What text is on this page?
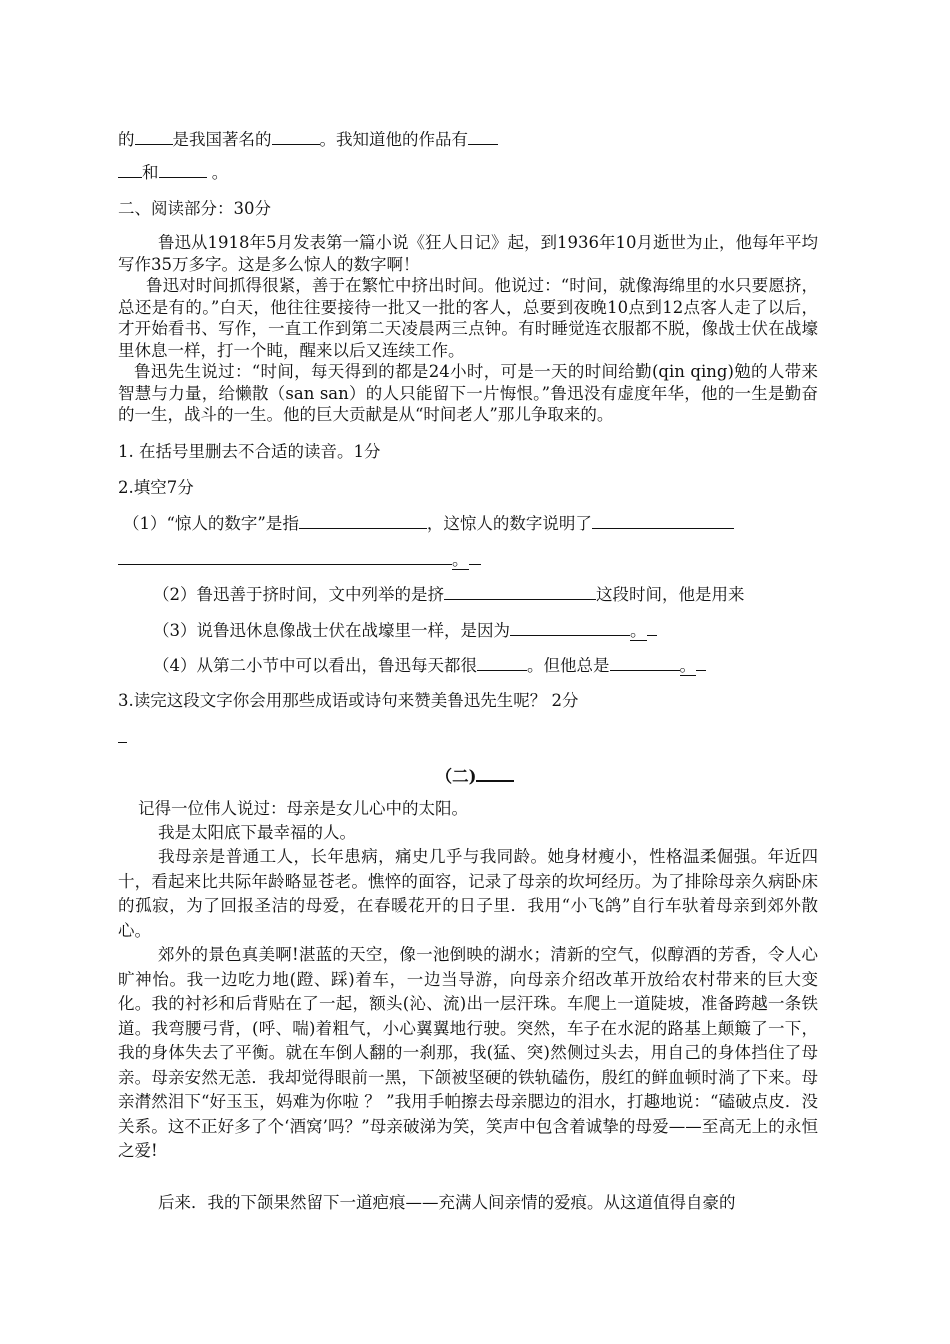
的 是我国著名的	。我知道他的作品有
和	。
二、阅读部分：30分
鲁迅从1918年5月发表第一篇小说《狂人日记》起，到1936年10月逝世为止，他每年平均写作35万多字。这是多么惊人的数字啊！
鲁迅对时间抓得很紧，善于在繁忙中挤出时间。他说过：“时间，就像海绵里的水只要愿挤，总还是有的。”白天，他往往要接待一批又一批的客人，总要到夜晚10点到12点客人走了以后，才开始看书、写作，一直工作到第二天凌晨两三点钟。有时睡觉连衣服都不脱，像战士伏在战壕里休息一样，打一个盹，醒来以后又连续工作。
鲁迅先生说过：“时间，每天得到的都是24小时，可是一天的时间给勤(qin qing)勉的人带来智慧与力量，给懒散（san san）的人只能留下一片悔恨。”鲁迅没有虚度年华，他的一生是勤奋的一生，战斗的一生。他的巨大贡献是从“时间老人”那儿争取来的。
1. 在括号里删去不合适的读音。1分
2.填空7分
（1）“惊人的数字”是指	，这惊人的数字说明了
。
（2）鲁迅善于挤时间，文中列举的是挤	这段时间，他是用来
（3）说鲁迅休息像战士伏在战壕里一样，是因为	。
（4）从第二小节中可以看出，鲁迅每天都很	。但他总是	。
3.读完这段文字你会用那些成语或诗句来赞美鲁迅先生呢？ 2分
（二)
记得一位伟人说过：母亲是女儿心中的太阳。
我是太阳底下最幸福的人。
我母亲是普通工人，长年患病，痛史几乎与我同龄。她身材瘦小，性格温柔倔强。年近四十，看起来比共际年龄略显苍老。憔悴的面容，记录了母亲的坎坷经历。为了排除母亲久病卧床的孤寂，为了回报圣洁的母爱，在春暖花开的日子里．我用“小飞鸽”自行车驮着母亲到郊外散心。
郊外的景色真美啊!湛蓝的天空，像一池倒映的湖水；清新的空气，似醇酒的芳香，令人心旷神怡。我一边吃力地(蹬、踩)着车，一边当导游，向母亲介绍改革开放给农村带来的巨大变化。我的衬衫和后背贴在了一起，额头(沁、流)出一层汗珠。车爬上一道陡坡，准备跨越一条铁道。我弯腰弓背，(呼、喘)着粗气，小心翼翼地行驶。突然，车子在水泥的路基上颠簸了一下，我的身体失去了平衡。就在车倒人翻的一刹那，我(猛、突)然侧过头去，用自己的身体挡住了母亲。母亲安然无恙．我却觉得眼前一黑，下颌被坚硬的铁轨磕伤，殷红的鲜血顿时淌了下来。母亲潸然泪下“好玉玉，妈难为你啦 ？ ”我用手帕擦去母亲腮边的泪水，打趣地说：“磕破点皮．没关系。这不正好多了个‘酒窝’吗？”母亲破涕为笑，笑声中包含着诚挚的母爱——至高无上的永恒之爱!
后来．我的下颌果然留下一道疤痕——充满人间亲情的爱痕。从这道值得自豪的
